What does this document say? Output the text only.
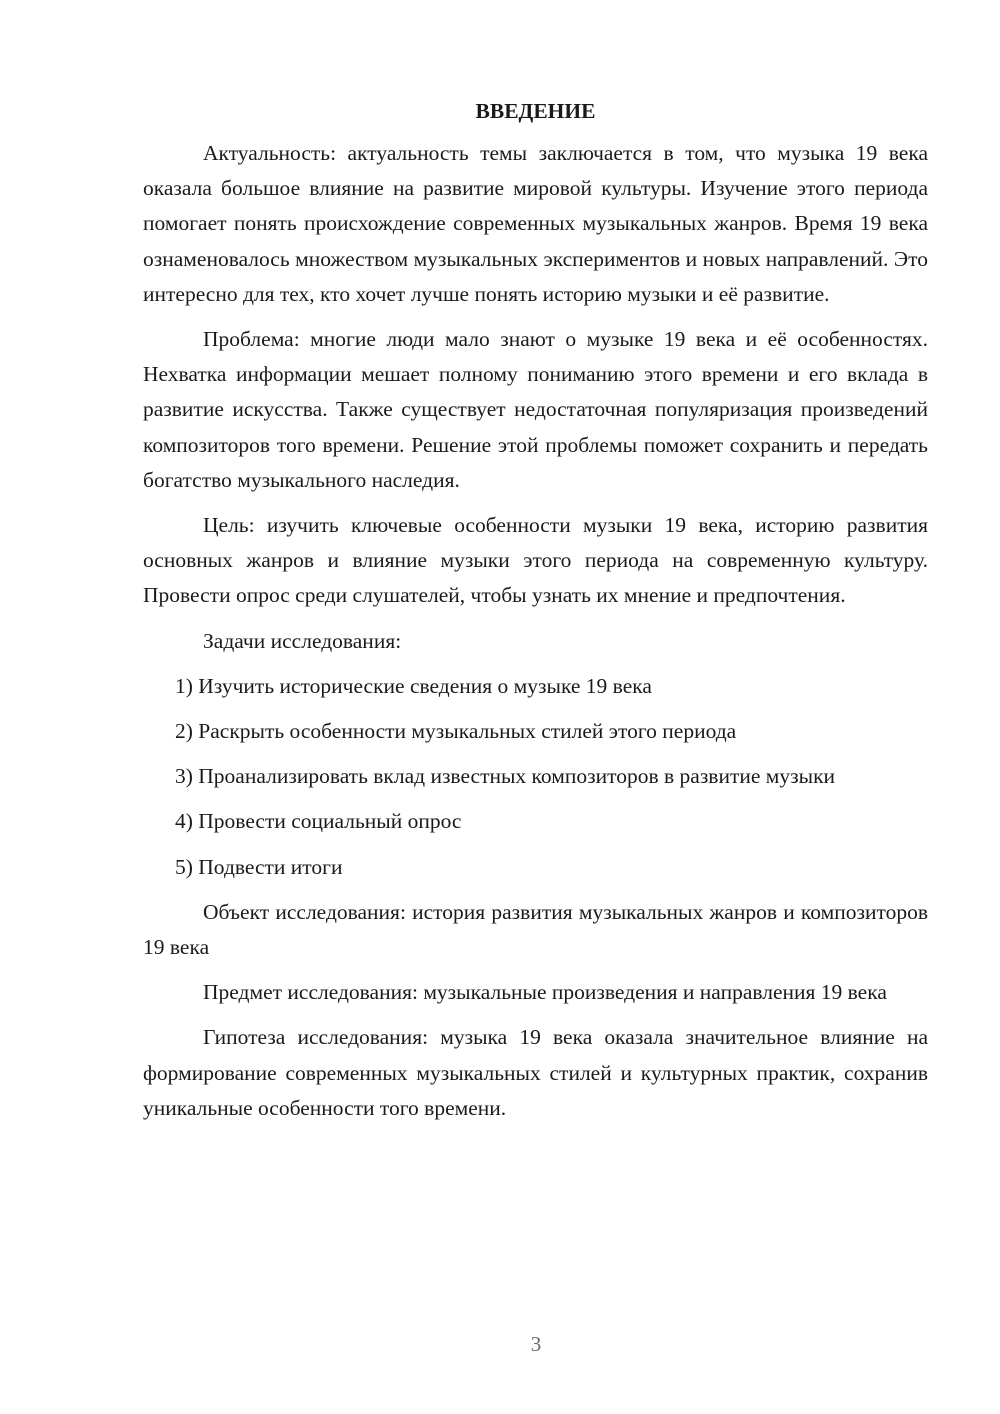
ВВЕДЕНИЕ

Актуальность: актуальность темы заключается в том, что музыка 19 века оказала большое влияние на развитие мировой культуры. Изучение этого периода помогает понять происхождение современных музыкальных жанров. Время 19 века ознаменовалось множеством музыкальных экспериментов и новых направлений. Это интересно для тех, кто хочет лучше понять историю музыки и её развитие.

Проблема: многие люди мало знают о музыке 19 века и её особенностях. Нехватка информации мешает полному пониманию этого времени и его вклада в развитие искусства. Также существует недостаточная популяризация произведений композиторов того времени. Решение этой проблемы поможет сохранить и передать богатство музыкального наследия.

Цель: изучить ключевые особенности музыки 19 века, историю развития основных жанров и влияние музыки этого периода на современную культуру. Провести опрос среди слушателей, чтобы узнать их мнение и предпочтения.

Задачи исследования:

1) Изучить исторические сведения о музыке 19 века

2) Раскрыть особенности музыкальных стилей этого периода

3) Проанализировать вклад известных композиторов в развитие музыки

4) Провести социальный опрос

5) Подвести итоги

Объект исследования: история развития музыкальных жанров и композиторов 19 века

Предмет исследования: музыкальные произведения и направления 19 века

Гипотеза исследования: музыка 19 века оказала значительное влияние на формирование современных музыкальных стилей и культурных практик, сохранив уникальные особенности того времени.

3
